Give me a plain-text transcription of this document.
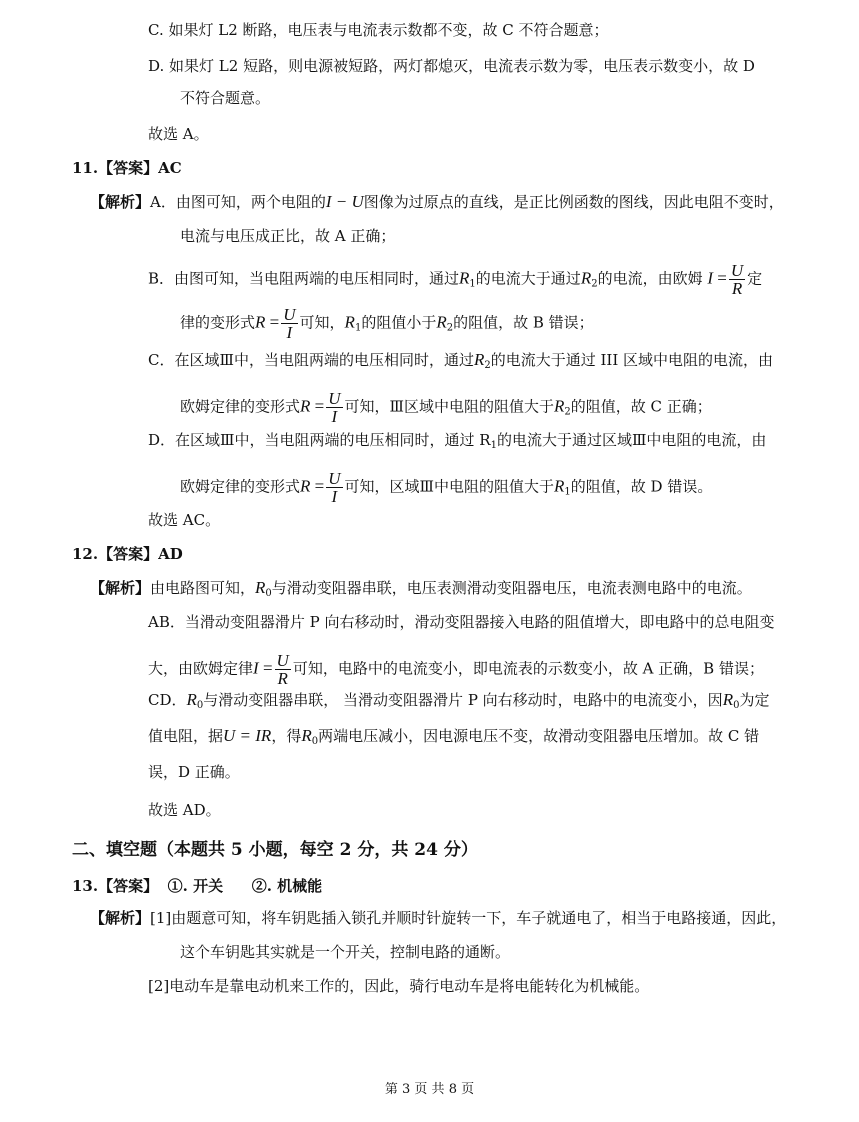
C. 如果灯 L2 断路，电压表与电流表示数都不变，故 C 不符合题意；
D. 如果灯 L2 短路，则电源被短路，两灯都熄灭，电流表示数为零，电压表示数变小，故 D
不符合题意。
故选 A。
11.【答案】AC
【解析】A．由图可知，两个电阻的I − U图像为过原点的直线，是正比例函数的图线，因此电阻不变时，
电流与电压成正比，故 A 正确；
B．由图可知，当电阻两端的电压相同时，通过$R_1$的电流大于通过$R_2$的电流，由欧姆 $I = \frac{U}{R}$ 定
律的变形式$R = \frac{U}{I}$ 可知，$R_1$的阻值小于$R_2$的阻值，故 B 错误；
C．在区域Ⅲ中，当电阻两端的电压相同时，通过$R_2$的电流大于通过 III 区域中电阻的电流，由
欧姆定律的变形式$R = \frac{U}{I}$ 可知，Ⅲ区域中电阻的阻值大于$R_2$的阻值，故 C 正确；
D．在区域Ⅲ中，当电阻两端的电压相同时，通过 $R_1$的电流大于通过区域Ⅲ中电阻的电流，由
欧姆定律的变形式$R = \frac{U}{I}$ 可知，区域Ⅲ中电阻的阻值大于$R_1$的阻值，故 D 错误。
故选 AC。
12.【答案】AD
【解析】由电路图可知，$R_0$与滑动变阻器串联，电压表测滑动变阻器电压，电流表测电路中的电流。
AB．当滑动变阻器滑片 P 向右移动时，滑动变阻器接入电路的阻值增大，即电路中的总电阻变
大，由欧姆定律$I = \frac{U}{R}$ 可知，电路中的电流变小，即电流表的示数变小，故 A 正确，B 错误；
CD．$R_0$与滑动变阻器串联， 当滑动变阻器滑片 P 向右移动时，电路中的电流变小，因$R_0$为定
值电阻，据U = IR，得$R_0$两端电压减小，因电源电压不变，故滑动变阻器电压增加。故 C 错
误，D 正确。
故选 AD。
二、填空题（本题共 5 小题，每空 2 分，共 24 分）
13.【答案】 ①. 开关 ②. 机械能
【解析】[1]由题意可知，将车钥匙插入锁孔并顺时针旋转一下，车子就通电了，相当于电路接通，因此，
这个车钥匙其实就是一个开关，控制电路的通断。
[2]电动车是靠电动机来工作的，因此，骑行电动车是将电能转化为机械能。
第 3 页 共 8 页
